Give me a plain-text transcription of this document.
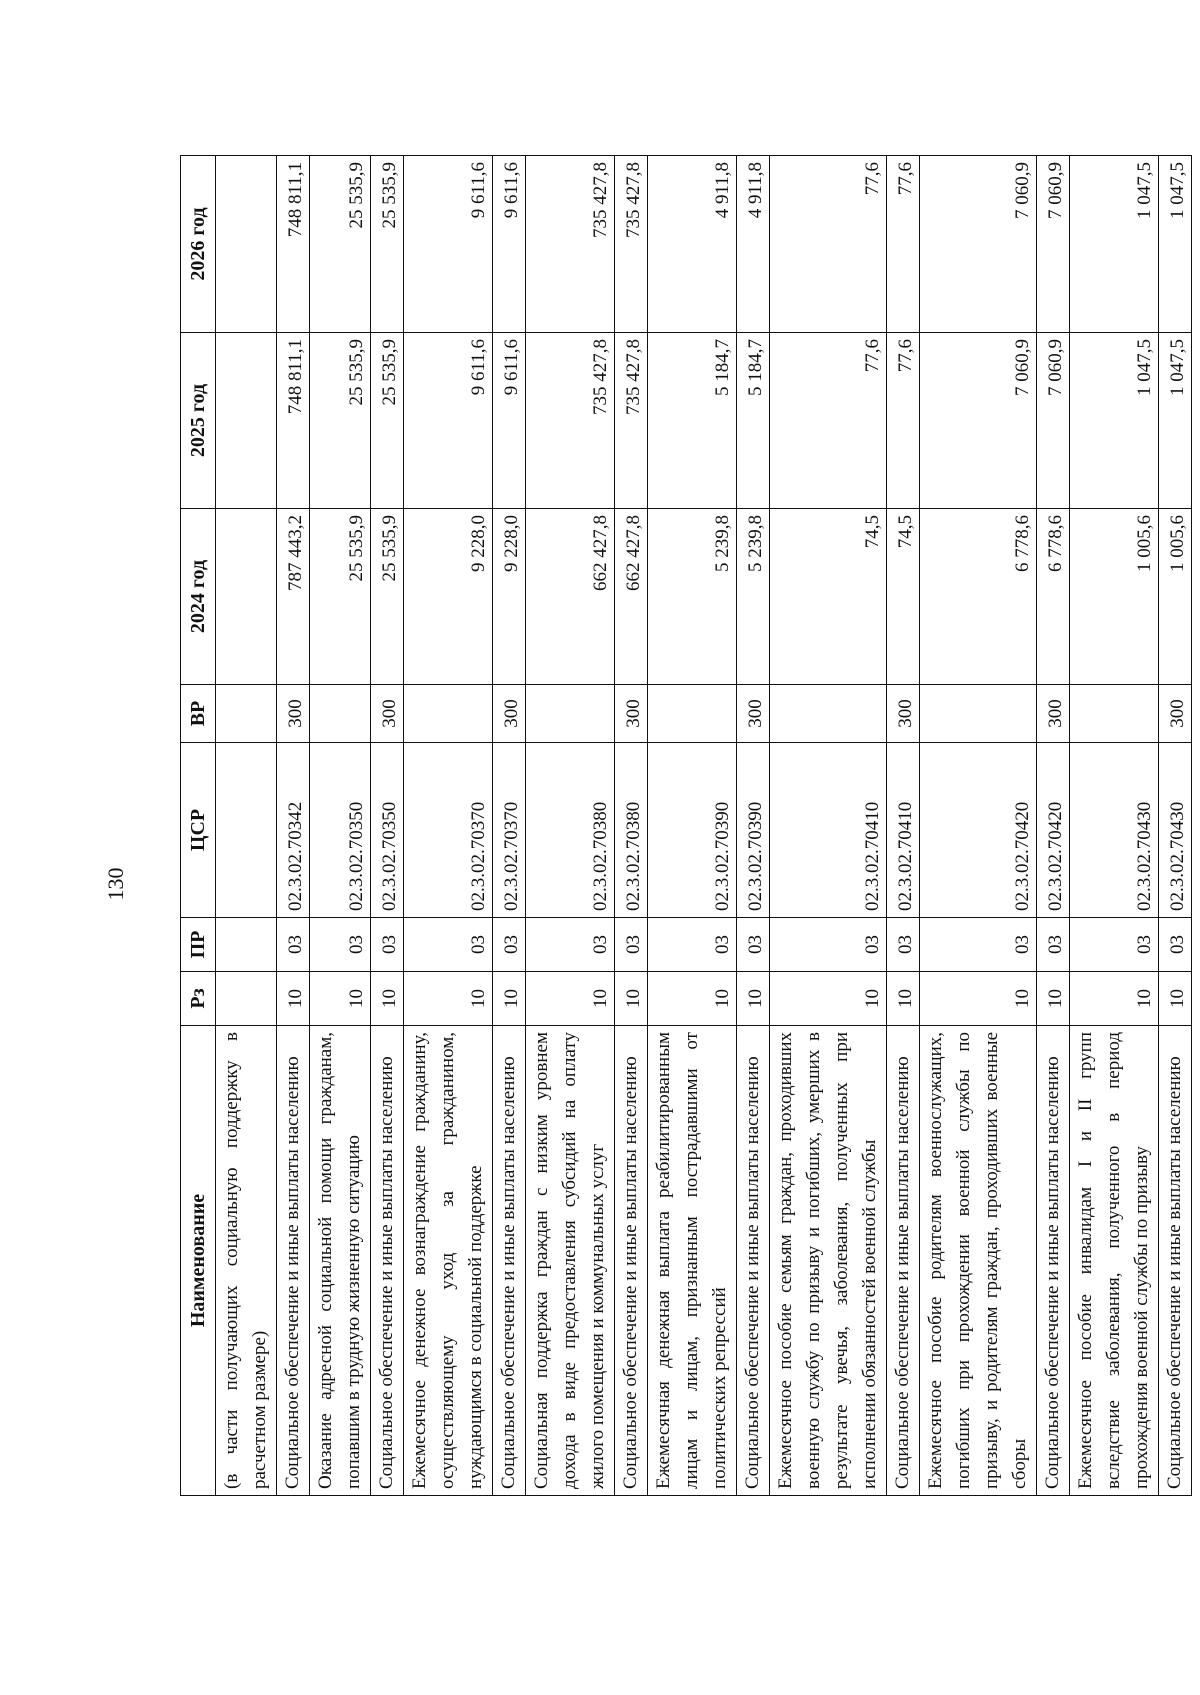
130
Наименование	Рз	ПР	ЦСР	ВР	2024 год	2025 год	2026 год
(в части получающих социальную поддержку в расчетном размере)							
Социальное обеспечение и иные выплаты населению	10	03	02.3.02.70342	300	787 443,2	748 811,1	748 811,1
Оказание адресной социальной помощи гражданам, попавшим в трудную жизненную ситуацию	10	03	02.3.02.70350		25 535,9	25 535,9	25 535,9
Социальное обеспечение и иные выплаты населению	10	03	02.3.02.70350	300	25 535,9	25 535,9	25 535,9
Ежемесячное денежное вознаграждение гражданину, осуществляющему уход за гражданином, нуждающимся в социальной поддержке	10	03	02.3.02.70370		9 228,0	9 611,6	9 611,6
Социальное обеспечение и иные выплаты населению	10	03	02.3.02.70370	300	9 228,0	9 611,6	9 611,6
Социальная поддержка граждан с низким уровнем дохода в виде предоставления субсидий на оплату жилого помещения и коммунальных услуг	10	03	02.3.02.70380		662 427,8	735 427,8	735 427,8
Социальное обеспечение и иные выплаты населению	10	03	02.3.02.70380	300	662 427,8	735 427,8	735 427,8
Ежемесячная денежная выплата реабилитированным лицам и лицам, признанным пострадавшими от политических репрессий	10	03	02.3.02.70390		5 239,8	5 184,7	4 911,8
Социальное обеспечение и иные выплаты населению	10	03	02.3.02.70390	300	5 239,8	5 184,7	4 911,8
Ежемесячное пособие семьям граждан, проходивших военную службу по призыву и погибших, умерших в результате увечья, заболевания, полученных при исполнении обязанностей военной службы	10	03	02.3.02.70410		74,5	77,6	77,6
Социальное обеспечение и иные выплаты населению	10	03	02.3.02.70410	300	74,5	77,6	77,6
Ежемесячное пособие родителям военнослужащих, погибших при прохождении военной службы по призыву, и родителям граждан, проходивших военные сборы	10	03	02.3.02.70420		6 778,6	7 060,9	7 060,9
Социальное обеспечение и иные выплаты населению	10	03	02.3.02.70420	300	6 778,6	7 060,9	7 060,9
Ежемесячное пособие инвалидам I и II групп вследствие заболевания, полученного в период прохождения военной службы по призыву	10	03	02.3.02.70430		1 005,6	1 047,5	1 047,5
Социальное обеспечение и иные выплаты населению	10	03	02.3.02.70430	300	1 005,6	1 047,5	1 047,5
